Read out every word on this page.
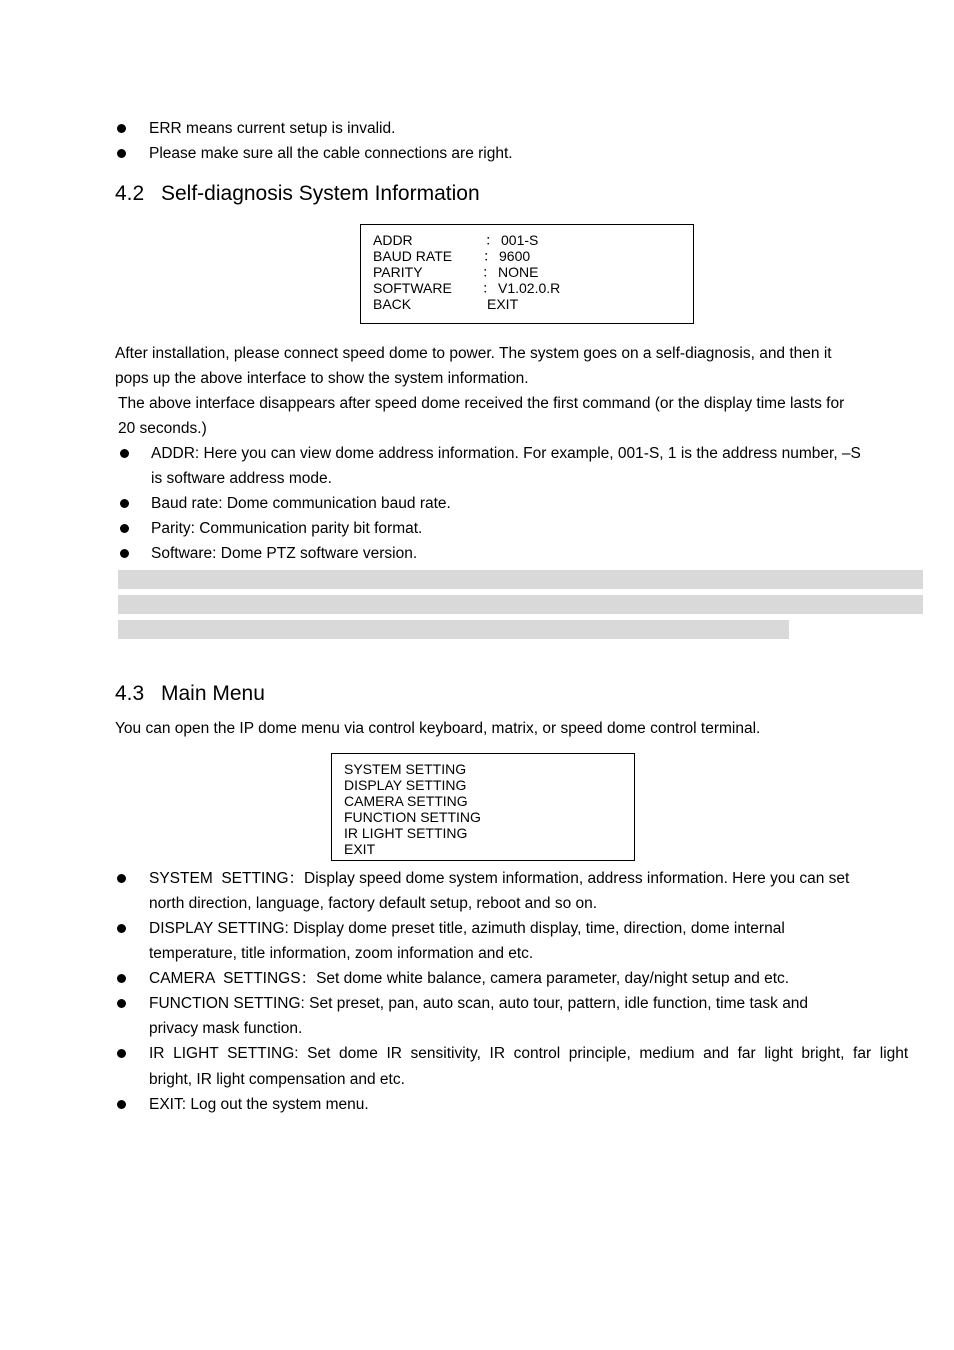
ERR means current setup is invalid.
Please make sure all the cable connections are right.
4.2 Self-diagnosis System Information
ADDR	： 001-S
BAUD RATE ： 9600
PARITY	： NONE
SOFTWARE ： V1.02.0.R
BACK	EXIT
After installation, please connect speed dome to power. The system goes on a self-diagnosis, and then it
pops up the above interface to show the system information.
The above interface disappears after speed dome received the first command (or the display time lasts for
20 seconds.)
ADDR: Here you can view dome address information. For example, 001-S, 1 is the address number, –S
is software address mode.
Baud rate: Dome communication baud rate.
Parity: Communication parity bit format.
Software: Dome PTZ software version.
4.3 Main Menu
You can open the IP dome menu via control keyboard, matrix, or speed dome control terminal.
SYSTEM SETTING
DISPLAY SETTING
CAMERA SETTING
FUNCTION SETTING
IR LIGHT SETTING
EXIT
SYSTEM  SETTING：Display speed dome system information, address information. Here you can set
north direction, language, factory default setup, reboot and so on.
DISPLAY SETTING: Display dome preset title, azimuth display, time, direction, dome internal
temperature, title information, zoom information and etc.
CAMERA  SETTINGS：Set dome white balance, camera parameter, day/night setup and etc.
FUNCTION SETTING: Set preset, pan, auto scan, auto tour, pattern, idle function, time task and
privacy mask function.
IR  LIGHT  SETTING:  Set  dome  IR  sensitivity,  IR  control  principle,  medium  and  far  light  bright,  far  light
bright, IR light compensation and etc.
EXIT: Log out the system menu.
